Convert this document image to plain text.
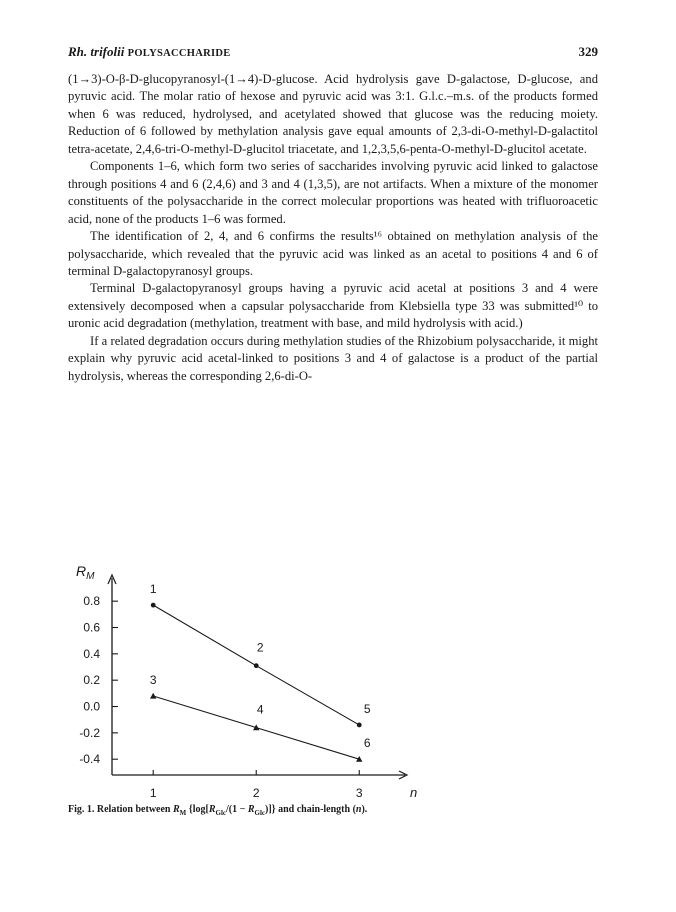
Rh. trifolii POLYSACCHARIDE	329

(1→3)-O-β-D-glucopyranosyl-(1→4)-D-glucose. Acid hydrolysis gave D-galactose, D-glucose, and pyruvic acid. The molar ratio of hexose and pyruvic acid was 3:1. G.l.c.–m.s. of the products formed when 6 was reduced, hydrolysed, and acetylated showed that glucose was the reducing moiety. Reduction of 6 followed by methylation analysis gave equal amounts of 2,3-di-O-methyl-D-galactitol tetra-acetate, 2,4,6-tri-O-methyl-D-glucitol triacetate, and 1,2,3,5,6-penta-O-methyl-D-glucitol acetate.

Components 1–6, which form two series of saccharides involving pyruvic acid linked to galactose through positions 4 and 6 (2,4,6) and 3 and 4 (1,3,5), are not artifacts. When a mixture of the monomer constituents of the polysaccharide in the correct molecular proportions was heated with trifluoroacetic acid, none of the products 1–6 was formed.

The identification of 2, 4, and 6 confirms the results¹⁶ obtained on methylation analysis of the polysaccharide, which revealed that the pyruvic acid was linked as an acetal to positions 4 and 6 of terminal D-galactopyranosyl groups.

Terminal D-galactopyranosyl groups having a pyruvic acid acetal at positions 3 and 4 were extensively decomposed when a capsular polysaccharide from Klebsiella type 33 was submitted¹⁰ to uronic acid degradation (methylation, treatment with base, and mild hydrolysis with acid.)

If a related degradation occurs during methylation studies of the Rhizobium polysaccharide, it might explain why pyruvic acid acetal-linked to positions 3 and 4 of galactose is a product of the partial hydrolysis, whereas the corresponding 2,6-di-O-

$R_M$
0.8
0.6
0.4
0.2
0.0
-0.2
-0.4
1	2	3	n
1
2
5
3
4
6
Fig. 1. Relation between $R_M$ $\{\log[R_{Glc}/(1 - R_{Glc})]\}$ and chain-length (n).
